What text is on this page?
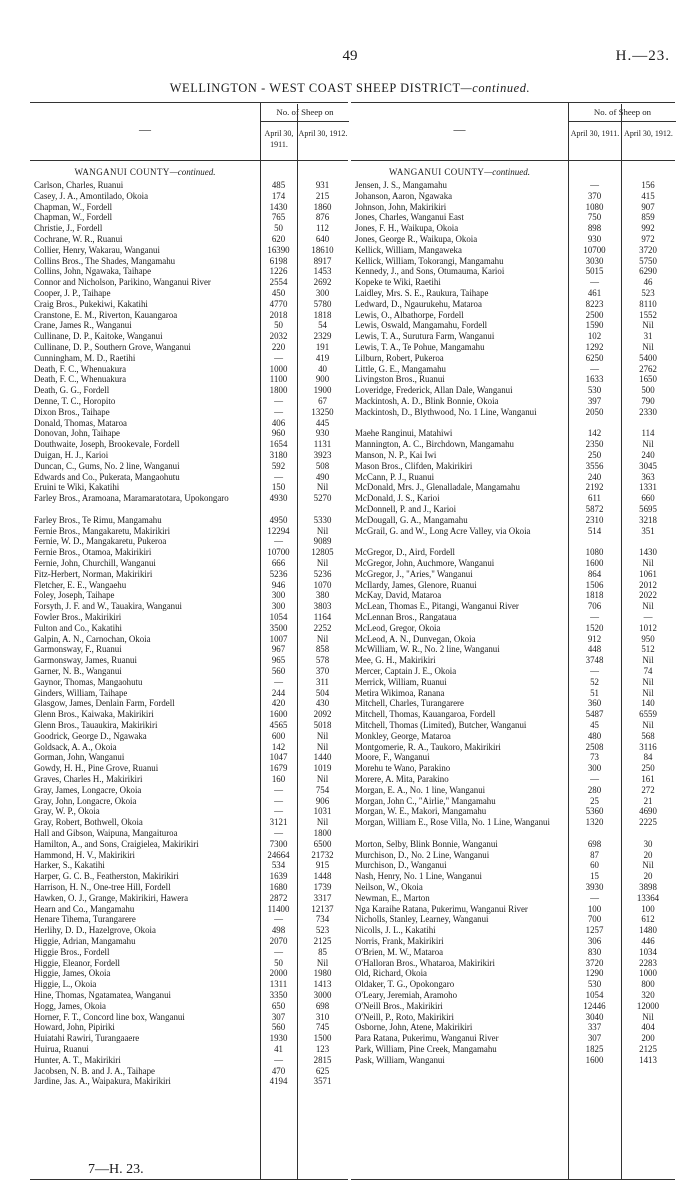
49	H.—23.
WELLINGTON - WEST COAST SHEEP DISTRICT—continued.
—
No. of Sheep on
April 30, 1911.
April 30, 1912.
WANGANUI COUNTY—continued.
Carlson, Charles, Ruanui	485	931
Casey, J. A., Amontilado, Okoia	174	215
Chapman, W., Fordell	1430	1860
Chapman, W., Fordell	765	876
Christie, J., Fordell	50	112
Cochrane, W. R., Ruanui	620	640
Collier, Henry, Wakarau, Wanganui	16390	18610
Collins Bros., The Shades, Mangamahu	6198	8917
Collins, John, Ngawaka, Taihape	1226	1453
Connor and Nicholson, Parikino, Wanganui River	2554	2692
Cooper, J. P., Taihape	450	300
Craig Bros., Pukekiwi, Kakatihi	4770	5780
Cranstone, E. M., Riverton, Kauangaroa	2018	1818
Crane, James R., Wanganui	50	54
Cullinane, D. P., Kaitoke, Wanganui	2032	2329
Cullinane, D. P., Southern Grove, Wanganui	220	191
Cunningham, M. D., Raetihi	—	419
Death, F. C., Whenuakura	1000	40
Death, F. C., Whenuakura	1100	900
Death, G. G., Fordell	1800	1900
Denne, T. C., Horopito	—	67
Dixon Bros., Taihape	—	13250
Donald, Thomas, Mataroa	406	445
Donovan, John, Taihape	960	930
Douthwaite, Joseph, Brookevale, Fordell	1654	1131
Duigan, H. J., Karioi	3180	3923
Duncan, C., Gums, No. 2 line, Wanganui	592	508
Edwards and Co., Pukerata, Mangaohutu	—	490
Eruini te Wiki, Kakatihi	150	Nil
Farley Bros., Aramoana, Maramaratotara, Upokongaro	4930	5270
Farley Bros., Te Rimu, Mangamahu	4950	5330
Fernie Bros., Mangakaretu, Makirikiri	12294	Nil
Fernie, W. D., Mangakaretu, Pukeroa	—	9089
Fernie Bros., Otamoa, Makirikiri	10700	12805
Fernie, John, Churchill, Wanganui	666	Nil
Fitz-Herbert, Norman, Makirikiri	5236	5236
Fletcher, E. E., Wangaehu	946	1070
Foley, Joseph, Taihape	300	380
Forsyth, J. F. and W., Tauakira, Wanganui	300	3803
Fowler Bros., Makirikiri	1054	1164
Fulton and Co., Kakatihi	3500	2252
Galpin, A. N., Carnochan, Okoia	1007	Nil
Garmonsway, F., Ruanui	967	858
Garmonsway, James, Ruanui	965	578
Garner, N. B., Wanganui	560	370
Gaynor, Thomas, Mangaohutu	—	311
Ginders, William, Taihape	244	504
Glasgow, James, Denlain Farm, Fordell	420	430
Glenn Bros., Kaiwaka, Makirikiri	1600	2092
Glenn Bros., Tauaukira, Makirikiri	4565	5018
Goodrick, George D., Ngawaka	600	Nil
Goldsack, A. A., Okoia	142	Nil
Gorman, John, Wanganui	1047	1440
Gowdy, H. H., Pine Grove, Ruanui	1679	1019
Graves, Charles H., Makirikiri	160	Nil
Gray, James, Longacre, Okoia	—	754
Gray, John, Longacre, Okoia	—	906
Gray, W. P., Okoia	—	1031
Gray, Robert, Bothwell, Okoia	3121	Nil
Hall and Gibson, Waipuna, Mangaituroa	—	1800
Hamilton, A., and Sons, Craigielea, Makirikiri	7300	6500
Hammond, H. V., Makirikiri	24664	21732
Harker, S., Kakatihi	534	915
Harper, G. C. B., Featherston, Makirikiri	1639	1448
Harrison, H. N., One-tree Hill, Fordell	1680	1739
Hawken, O. J., Grange, Makirikiri, Hawera	2872	3317
Hearn and Co., Mangamahu	11400	12137
Henare Tihema, Turangarere	—	734
Herlihy, D. D., Hazelgrove, Okoia	498	523
Higgie, Adrian, Mangamahu	2070	2125
Higgie Bros., Fordell	—	85
Higgie, Eleanor, Fordell	50	Nil
Higgie, James, Okoia	2000	1980
Higgie, L., Okoia	1311	1413
Hine, Thomas, Ngatamatea, Wanganui	3350	3000
Hogg, James, Okoia	650	698
Horner, F. T., Concord line box, Wanganui	307	310
Howard, John, Pipiriki	560	745
Huiatahi Rawiri, Turangaaere	1930	1500
Huirua, Ruanui	41	123
Hunter, A. T., Makirikiri	—	2815
Jacobsen, N. B. and J. A., Taihape	470	625
Jardine, Jas. A., Waipakura, Makirikiri	4194	3571
—
No. of Sheep on
April 30, 1911. April 30, 1912.
WANGANUI COUNTY—continued.
Jensen, J. S., Mangamahu	—	156
Johanson, Aaron, Ngawaka	370	415
Johnson, John, Makirikiri	1080	907
Jones, Charles, Wanganui East	750	859
Jones, F. H., Waikupa, Okoia	898	992
Jones, George R., Waikupa, Okoia	930	972
Kellick, William, Mangaweka	10700	3720
Kellick, William, Tokorangi, Mangamahu	3030	5750
Kennedy, J., and Sons, Otumauma, Karioi	5015	6290
Kopeke te Wiki, Raetihi	—	46
Laidley, Mrs. S. E., Raukura, Taihape	461	523
Ledward, D., Ngaurukehu, Mataroa	8223	8110
Lewis, O., Albathorpe, Fordell	2500	1552
Lewis, Oswald, Mangamahu, Fordell	1590	Nil
Lewis, T. A., Surutura Farm, Wanganui	102	31
Lewis, T. A., Te Pohue, Mangamahu	1292	Nil
Lilburn, Robert, Pukeroa	6250	5400
Little, G. E., Mangamahu	—	2762
Livingston Bros., Ruanui	1633	1650
Loveridge, Frederick, Allan Dale, Wanganui	530	500
Mackintosh, A. D., Blink Bonnie, Okoia	397	790
Mackintosh, D., Blythwood, No. 1 Line, Wanganui	2050	2330
Maehe Ranginui, Matahiwi	142	114
Mannington, A. C., Birchdown, Mangamahu	2350	Nil
Manson, N. P., Kai Iwi	250	240
Mason Bros., Clifden, Makirikiri	3556	3045
McCann, P. J., Ruanui	240	363
McDonald, Mrs. J., Glenalladale, Mangamahu	2192	1331
McDonald, J. S., Karioi	611	660
McDonnell, P. and J., Karioi	5872	5695
McDougall, G. A., Mangamahu	2310	3218
McGrail, G. and W., Long Acre Valley, via Okoia	514	351
McGregor, D., Aird, Fordell	1080	1430
McGregor, John, Auchmore, Wanganui	1600	Nil
McGregor, J., "Aries," Wanganui	864	1061
McIlardy, James, Glenore, Ruanui	1506	2012
McKay, David, Mataroa	1818	2022
McLean, Thomas E., Pitangi, Wanganui River	706	Nil
McLennan Bros., Rangataua	—	—
McLeod, Gregor, Okoia	1520	1012
McLeod, A. N., Dunvegan, Okoia	912	950
McWilliam, W. R., No. 2 line, Wanganui	448	512
Mee, G. H., Makirikiri	3748	Nil
Mercer, Captain J. E., Okoia	—	74
Merrick, William, Ruanui	52	Nil
Metira Wikimoa, Ranana	51	Nil
Mitchell, Charles, Turangarere	360	140
Mitchell, Thomas, Kauangaroa, Fordell	5487	6559
Mitchell, Thomas (Limited), Butcher, Wanganui	45	Nil
Monkley, George, Mataroa	480	568
Montgomerie, R. A., Taukoro, Makirikiri	2508	3116
Moore, F., Wanganui	73	84
Morehu te Wano, Parakino	300	250
Morere, A. Mita, Parakino	—	161
Morgan, E. A., No. 1 line, Wanganui	280	272
Morgan, John C., "Airlie," Mangamahu	25	21
Morgan, W. E., Makori, Mangamahu	5360	4690
Morgan, William E., Rose Villa, No. 1 Line, Wanganui	1320	2225
Morton, Selby, Blink Bonnie, Wanganui	698	30
Murchison, D., No. 2 Line, Wanganui	87	20
Murchison, D., Wanganui	60	Nil
Nash, Henry, No. 1 Line, Wanganui	15	20
Neilson, W., Okoia	3930	3898
Newman, E., Marton	—	13364
Nga Karaihe Ratana, Pukerimu, Wanganui River	100	100
Nicholls, Stanley, Learney, Wanganui	700	612
Nicolls, J. L., Kakatihi	1257	1480
Norris, Frank, Makirikiri	306	446
O'Brien, M. W., Mataroa	830	1034
O'Halloran Bros., Whataroa, Makirikiri	3720	2283
Old, Richard, Okoia	1290	1000
Oldaker, T. G., Opokongaro	530	800
O'Leary, Jeremiah, Aramoho	1054	320
O'Neill Bros., Makirikiri	12446	12000
O'Neill, P., Roto, Makirikiri	3040	Nil
Osborne, John, Atene, Makirikiri	337	404
Para Ratana, Pukerimu, Wanganui River	307	200
Park, William, Pine Creek, Mangamahu	1825	2125
Pask, William, Wanganui	1600	1413
7—H. 23.
